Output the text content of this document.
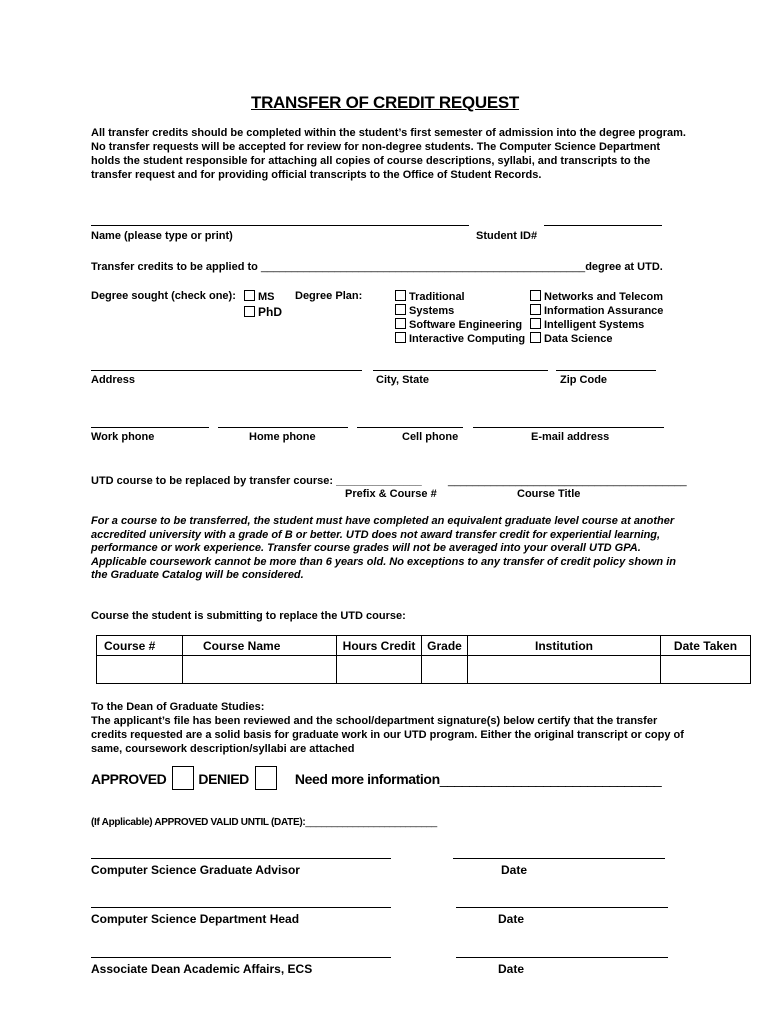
TRANSFER OF CREDIT REQUEST
All transfer credits should be completed within the student’s first semester of admission into the degree program. No transfer requests will be accepted for review for non-degree students. The Computer Science Department holds the student responsible for attaching all copies of course descriptions, syllabi, and transcripts to the transfer request and for providing official transcripts to the Office of Student Records.
Name (please type or print)	Student ID#
Transfer credits to be applied to _____________________________________________________degree at UTD.
Degree sought (check one):	MS
PhD
Degree Plan:	Traditional
Systems
Software Engineering
Interactive Computing
Networks and Telecom
Information Assurance
Intelligent Systems
Data Science
Address	City, State	Zip Code
Work phone	Home phone	Cell phone	E-mail address
UTD course to be replaced by transfer course: ______________ _______________________________________
Prefix & Course #	Course Title
For a course to be transferred, the student must have completed an equivalent graduate level course at another accredited university with a grade of B or better. UTD does not award transfer credit for experiential learning, performance or work experience. Transfer course grades will not be averaged into your overall UTD GPA.
Applicable coursework cannot be more than 6 years old. No exceptions to any transfer of credit policy shown in the Graduate Catalog will be considered.
Course the student is submitting to replace the UTD course:
Course #	Course Name	Hours Credit	Grade	Institution	Date Taken

To the Dean of Graduate Studies:
The applicant’s file has been reviewed and the school/department signature(s) below certify that the transfer credits requested are a solid basis for graduate work in our UTD program. Either the original transcript or copy of same, coursework description/syllabi are attached
APPROVED DENIED	Need more information______________________________
(If Applicable) APPROVED VALID UNTIL (DATE):_________________________
Computer Science Graduate Advisor	Date
Computer Science Department Head	Date
Associate Dean Academic Affairs, ECS	Date
